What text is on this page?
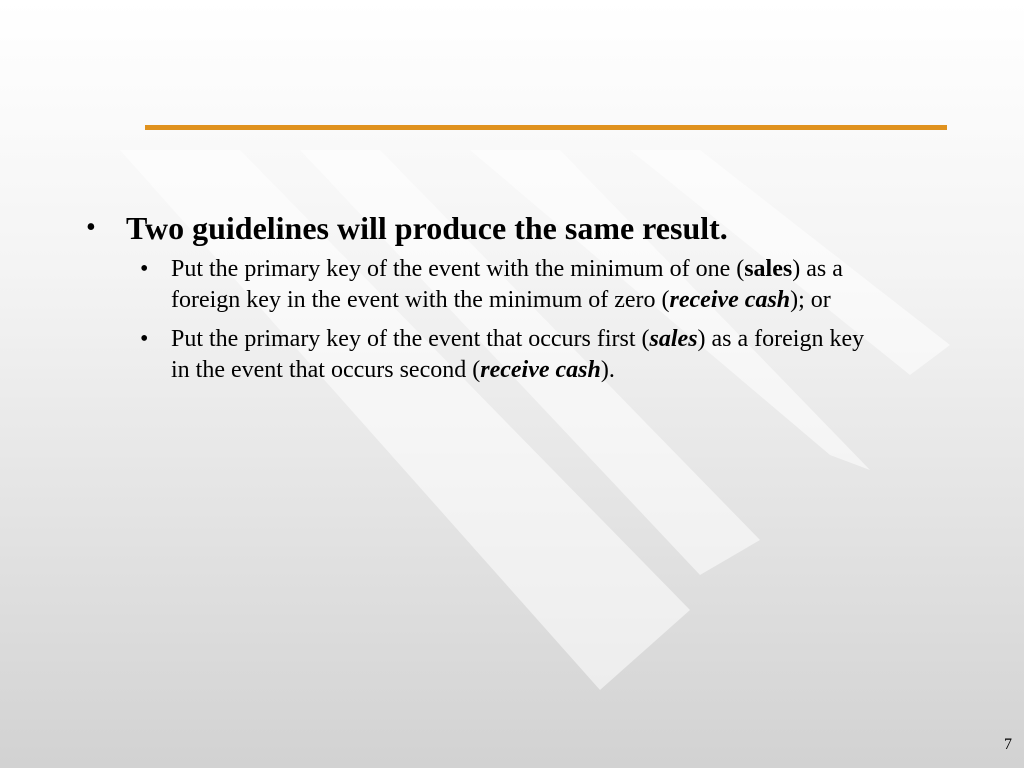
• Two guidelines will produce the same result.
• Put the primary key of the event with the minimum of one (sales) as a foreign key in the event with the minimum of zero (receive cash); or
• Put the primary key of the event that occurs first (sales) as a foreign key in the event that occurs second (receive cash).
7
